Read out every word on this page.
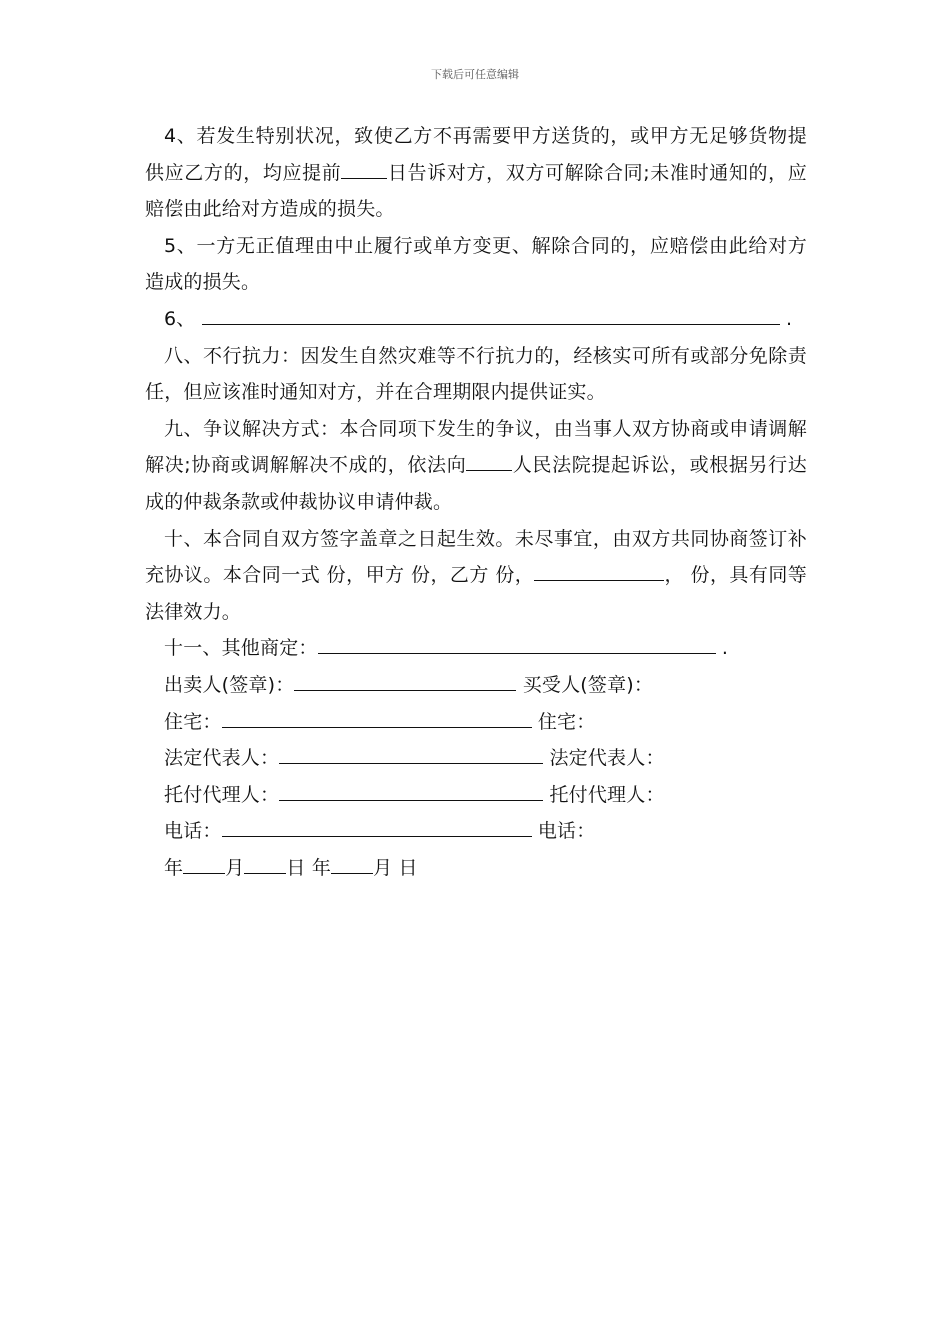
下载后可任意编辑

4、若发生特别状况，致使乙方不再需要甲方送货的，或甲方无足够货物提供应乙方的，均应提前 日告诉对方，双方可解除合同;未准时通知的，应赔偿由此给对方造成的损失。

5、一方无正值理由中止履行或单方变更、解除合同的，应赔偿由此给对方造成的损失。

6、	.

八、不行抗力：因发生自然灾难等不行抗力的，经核实可所有或部分免除责任，但应该准时通知对方，并在合理期限内提供证实。

九、争议解决方式：本合同项下发生的争议，由当事人双方协商或申请调解解决;协商或调解解决不成的，依法向 人民法院提起诉讼，或根据另行达成的仲裁条款或仲裁协议申请仲裁。

十、本合同自双方签字盖章之日起生效。未尽事宜，由双方共同协商签订补充协议。本合同一式 份，甲方 份，乙方 份，	， 份，具有同等法律效力。

十一、其他商定：	.

出卖人(签章)：	买受人(签章)：

住宅：	住宅：

法定代表人：	法定代表人：

托付代理人：	托付代理人：

电话：	电话：

年 月 日 年 月 日
